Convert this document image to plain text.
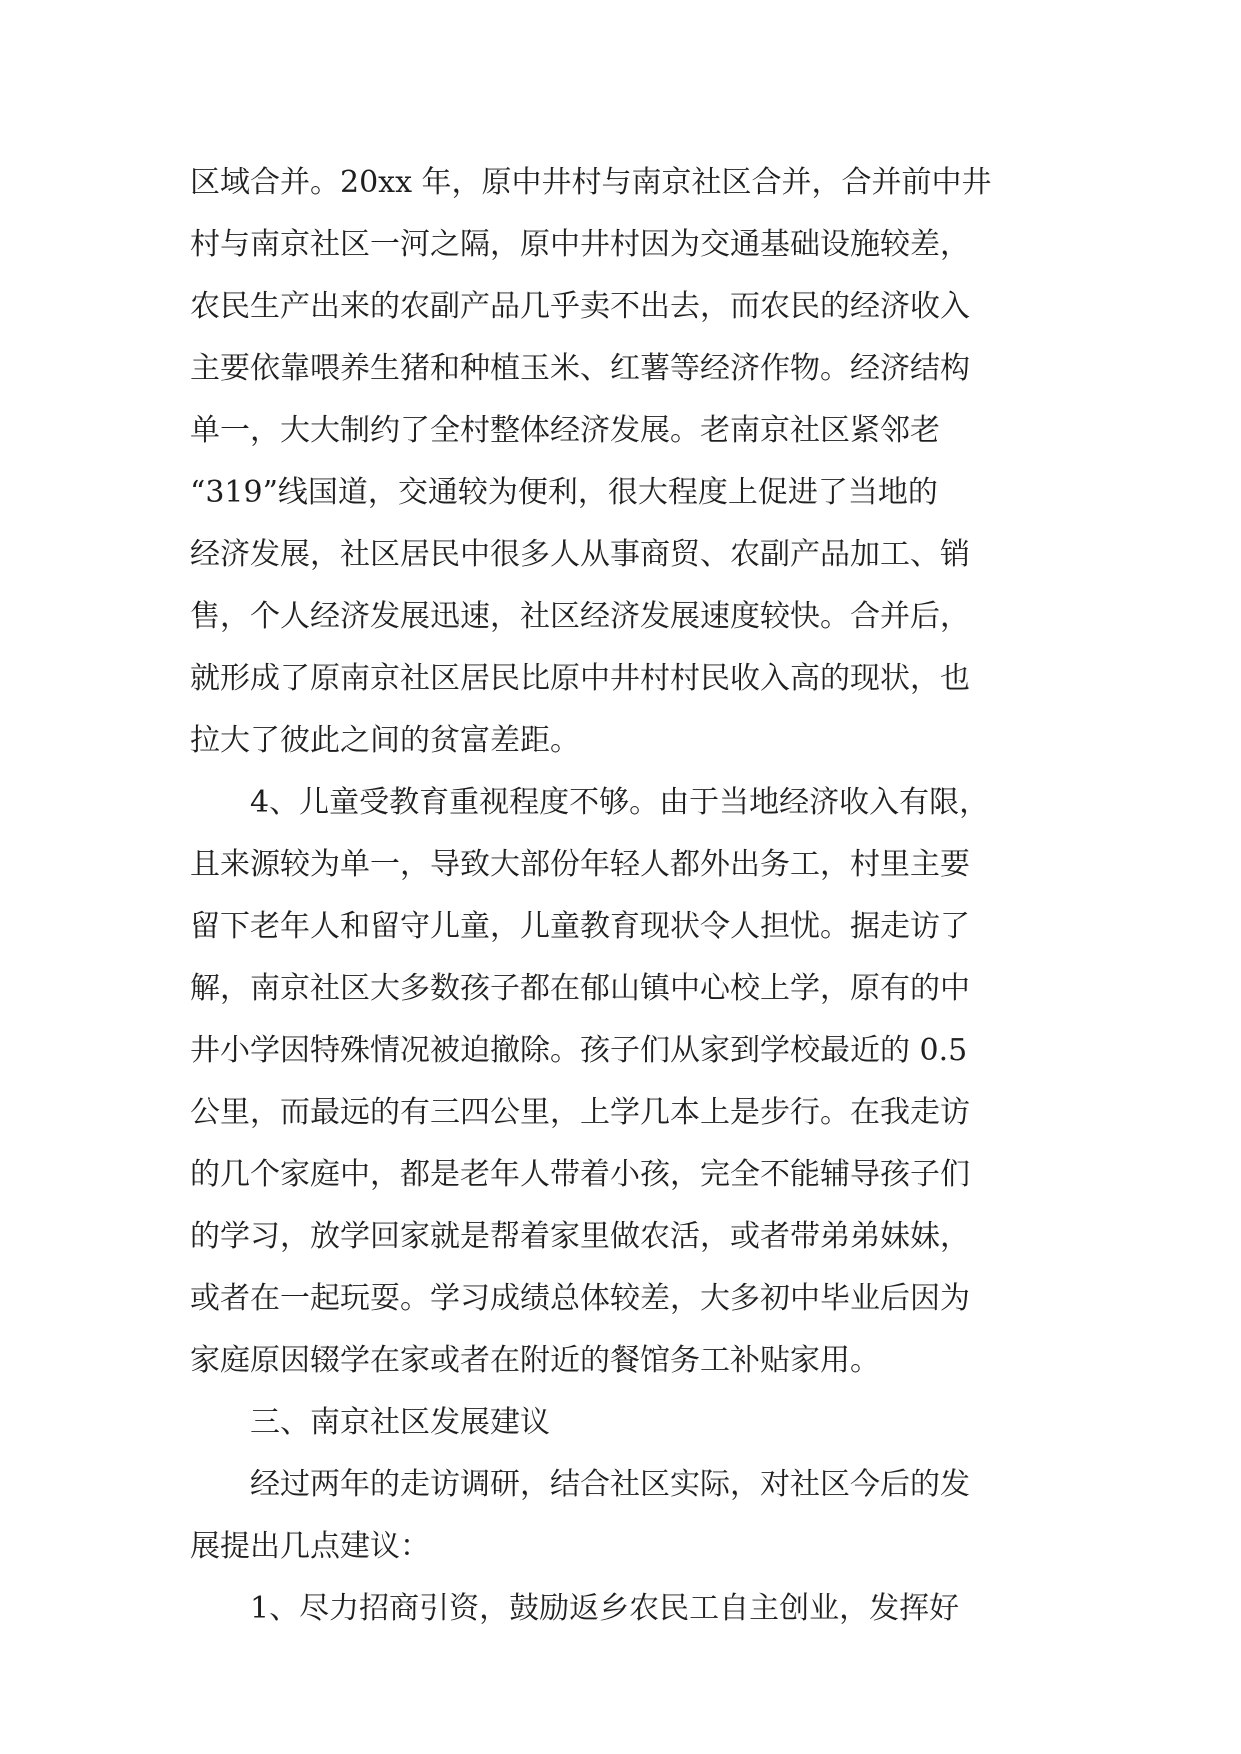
区域合并。20xx 年，原中井村与南京社区合并，合并前中井
村与南京社区一河之隔，原中井村因为交通基础设施较差，
农民生产出来的农副产品几乎卖不出去，而农民的经济收入
主要依靠喂养生猪和种植玉米、红薯等经济作物。经济结构
单一，大大制约了全村整体经济发展。老南京社区紧邻老
“319”线国道，交通较为便利，很大程度上促进了当地的
经济发展，社区居民中很多人从事商贸、农副产品加工、销
售，个人经济发展迅速，社区经济发展速度较快。合并后，
就形成了原南京社区居民比原中井村村民收入高的现状，也
拉大了彼此之间的贫富差距。
4、儿童受教育重视程度不够。由于当地经济收入有限，
且来源较为单一，导致大部份年轻人都外出务工，村里主要
留下老年人和留守儿童，儿童教育现状令人担忧。据走访了
解，南京社区大多数孩子都在郁山镇中心校上学，原有的中
井小学因特殊情况被迫撤除。孩子们从家到学校最近的 0.5
公里，而最远的有三四公里，上学几本上是步行。在我走访
的几个家庭中，都是老年人带着小孩，完全不能辅导孩子们
的学习，放学回家就是帮着家里做农活，或者带弟弟妹妹，
或者在一起玩耍。学习成绩总体较差，大多初中毕业后因为
家庭原因辍学在家或者在附近的餐馆务工补贴家用。
三、南京社区发展建议
经过两年的走访调研，结合社区实际，对社区今后的发
展提出几点建议：
1、尽力招商引资，鼓励返乡农民工自主创业，发挥好
